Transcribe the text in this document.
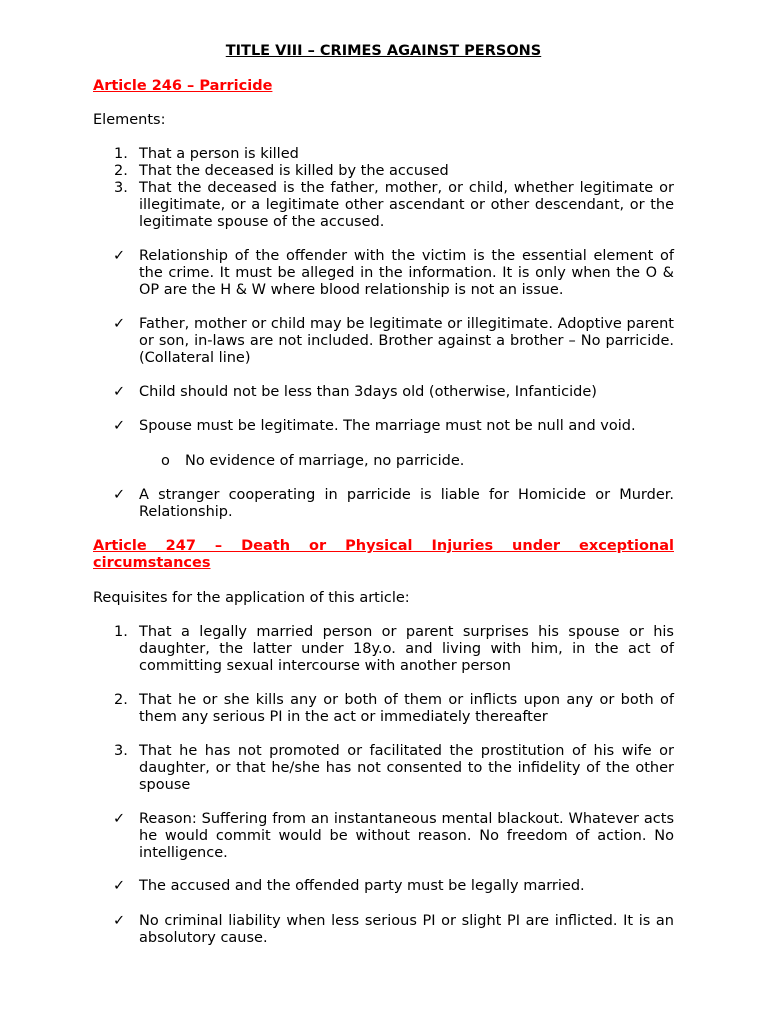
TITLE VIII – CRIMES AGAINST PERSONS
Article 246 – Parricide
Elements:
1. That a person is killed
2. That the deceased is killed by the accused
3. That the deceased is the father, mother, or child, whether legitimate or illegitimate, or a legitimate other ascendant or other descendant, or the legitimate spouse of the accused.
✓ Relationship of the offender with the victim is the essential element of the crime. It must be alleged in the information. It is only when the O & OP are the H & W where blood relationship is not an issue.
✓ Father, mother or child may be legitimate or illegitimate. Adoptive parent or son, in-laws are not included. Brother against a brother – No parricide. (Collateral line)
✓ Child should not be less than 3days old (otherwise, Infanticide)
✓ Spouse must be legitimate. The marriage must not be null and void.
o	No evidence of marriage, no parricide.
✓ A stranger cooperating in parricide is liable for Homicide or Murder. Relationship.
Article 247 – Death or Physical Injuries under exceptional circumstances
Requisites for the application of this article:
1. That a legally married person or parent surprises his spouse or his daughter, the latter under 18y.o. and living with him, in the act of committing sexual intercourse with another person
2. That he or she kills any or both of them or inflicts upon any or both of them any serious PI in the act or immediately thereafter
3. That he has not promoted or facilitated the prostitution of his wife or daughter, or that he/she has not consented to the infidelity of the other spouse
✓ Reason: Suffering from an instantaneous mental blackout. Whatever acts he would commit would be without reason. No freedom of action. No intelligence.
✓ The accused and the offended party must be legally married.
✓ No criminal liability when less serious PI or slight PI are inflicted. It is an absolutory cause.
